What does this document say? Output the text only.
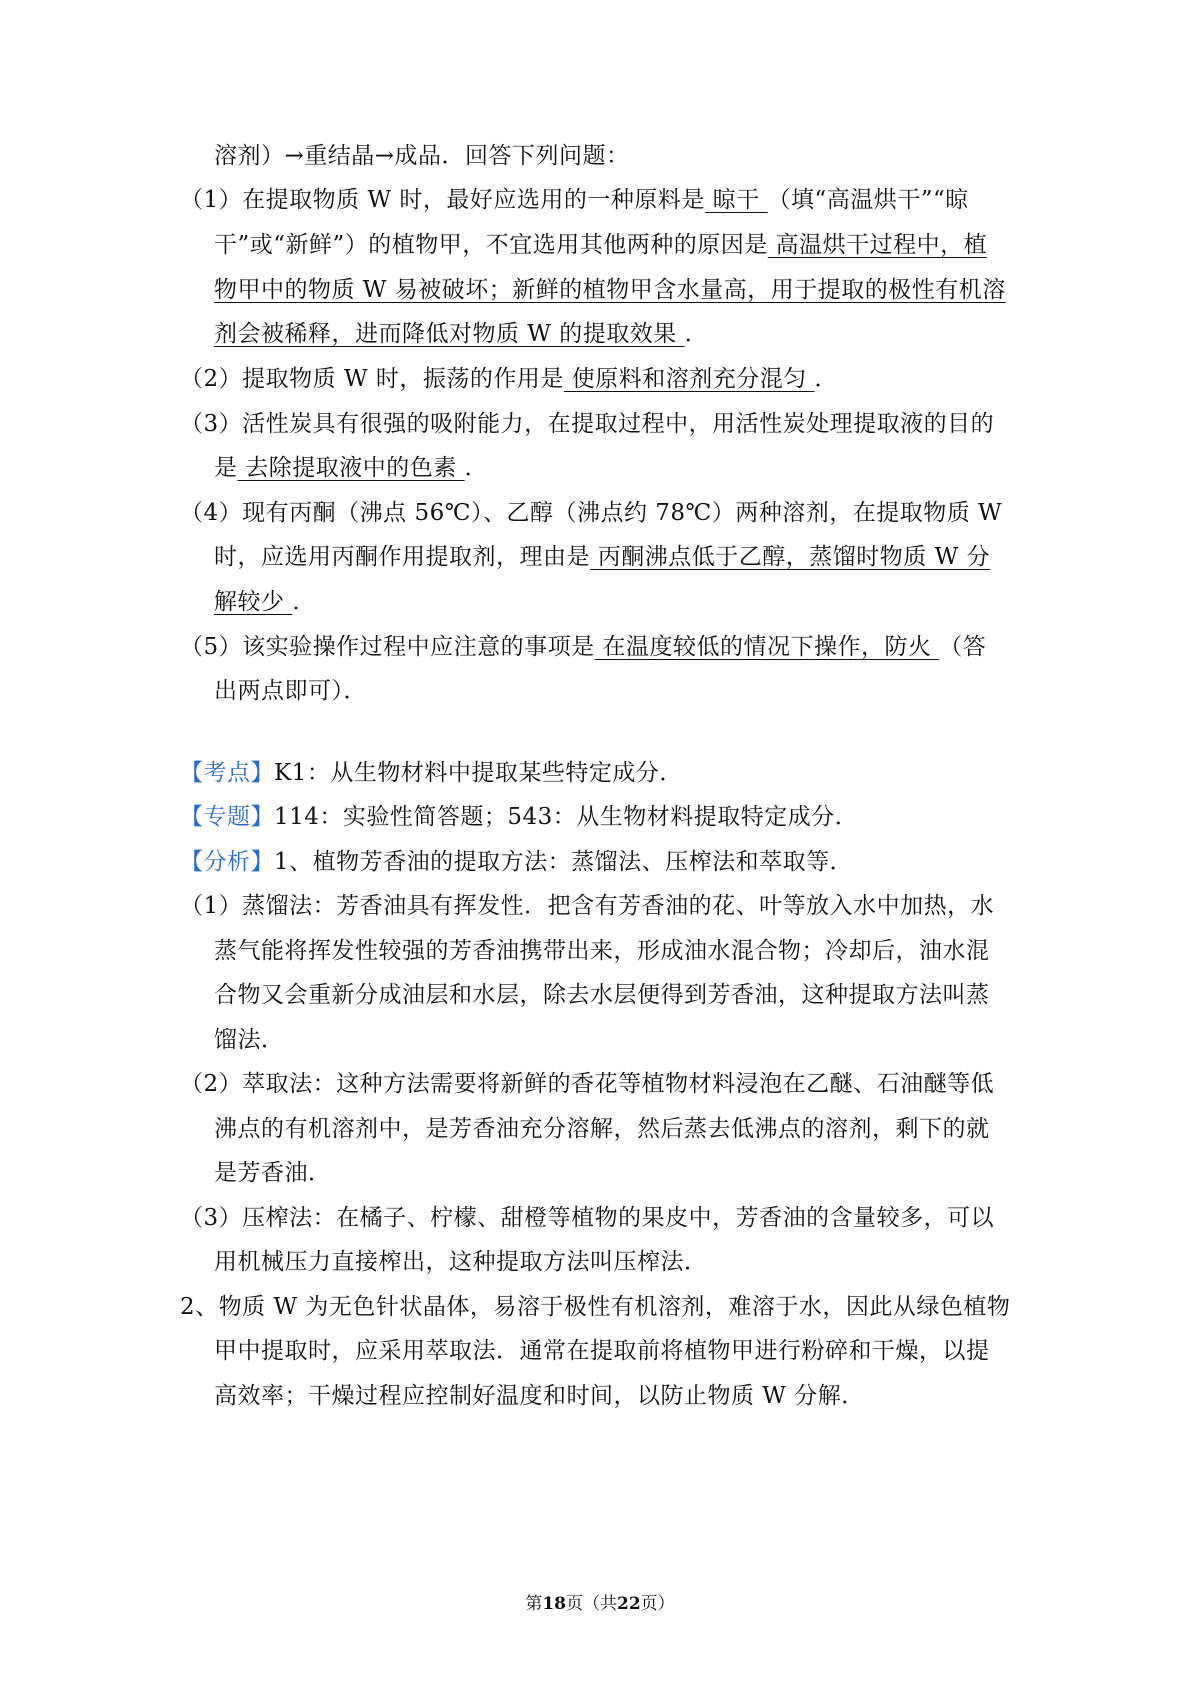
溶剂）→重结晶→成品．回答下列问题：
（1）在提取物质 W 时，最好应选用的一种原料是 晾干 （填“高温烘干”“晾
干”或“新鲜”）的植物甲，不宜选用其他两种的原因是 高温烘干过程中，植
物甲中的物质 W 易被破坏；新鲜的植物甲含水量高，用于提取的极性有机溶
剂会被稀释，进而降低对物质 W 的提取效果 ．
（2）提取物质 W 时，振荡的作用是 使原料和溶剂充分混匀 ．
（3）活性炭具有很强的吸附能力，在提取过程中，用活性炭处理提取液的目的
是 去除提取液中的色素 ．
（4）现有丙酮（沸点 56℃）、乙醇（沸点约 78℃）两种溶剂，在提取物质 W
时，应选用丙酮作用提取剂，理由是 丙酮沸点低于乙醇，蒸馏时物质 W 分
解较少 ．
（5）该实验操作过程中应注意的事项是 在温度较低的情况下操作，防火 （答
出两点即可）．
【考点】K1：从生物材料中提取某些特定成分．
【专题】114：实验性简答题；543：从生物材料提取特定成分．
【分析】1、植物芳香油的提取方法：蒸馏法、压榨法和萃取等．
（1）蒸馏法：芳香油具有挥发性．把含有芳香油的花、叶等放入水中加热，水
蒸气能将挥发性较强的芳香油携带出来，形成油水混合物；冷却后，油水混
合物又会重新分成油层和水层，除去水层便得到芳香油，这种提取方法叫蒸
馏法．
（2）萃取法：这种方法需要将新鲜的香花等植物材料浸泡在乙醚、石油醚等低
沸点的有机溶剂中，是芳香油充分溶解，然后蒸去低沸点的溶剂，剩下的就
是芳香油．
（3）压榨法：在橘子、柠檬、甜橙等植物的果皮中，芳香油的含量较多，可以
用机械压力直接榨出，这种提取方法叫压榨法．
2、物质 W 为无色针状晶体，易溶于极性有机溶剂，难溶于水，因此从绿色植物
甲中提取时，应采用萃取法．通常在提取前将植物甲进行粉碎和干燥，以提
高效率；干燥过程应控制好温度和时间，以防止物质 W 分解．
第18页（共22页）
